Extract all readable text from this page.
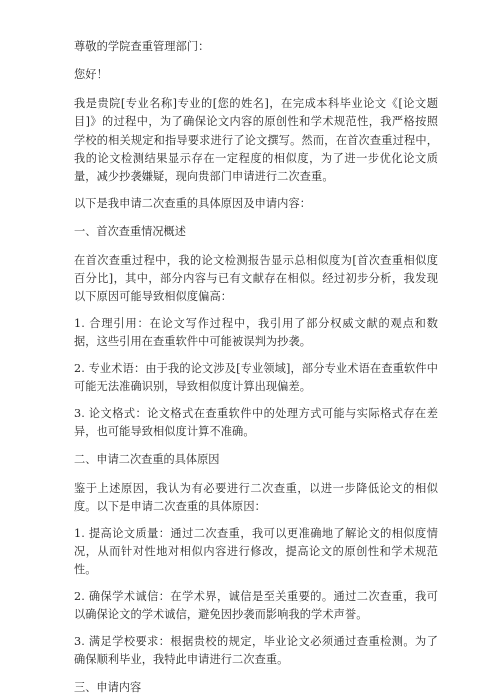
尊敬的学院查重管理部门：

您好！

我是贵院[专业名称]专业的[您的姓名]，在完成本科毕业论文《[论文题目]》的过程中，为了确保论文内容的原创性和学术规范性，我严格按照学校的相关规定和指导要求进行了论文撰写。然而，在首次查重过程中，我的论文检测结果显示存在一定程度的相似度，为了进一步优化论文质量，减少抄袭嫌疑，现向贵部门申请进行二次查重。

以下是我申请二次查重的具体原因及申请内容：

一、首次查重情况概述

在首次查重过程中，我的论文检测报告显示总相似度为[首次查重相似度百分比]，其中，部分内容与已有文献存在相似。经过初步分析，我发现以下原因可能导致相似度偏高：

1. 合理引用：在论文写作过程中，我引用了部分权威文献的观点和数据，这些引用在查重软件中可能被误判为抄袭。

2. 专业术语：由于我的论文涉及[专业领域]，部分专业术语在查重软件中可能无法准确识别，导致相似度计算出现偏差。

3. 论文格式：论文格式在查重软件中的处理方式可能与实际格式存在差异，也可能导致相似度计算不准确。

二、申请二次查重的具体原因

鉴于上述原因，我认为有必要进行二次查重，以进一步降低论文的相似度。以下是申请二次查重的具体原因：

1. 提高论文质量：通过二次查重，我可以更准确地了解论文的相似度情况，从而针对性地对相似内容进行修改，提高论文的原创性和学术规范性。

2. 确保学术诚信：在学术界，诚信是至关重要的。通过二次查重，我可以确保论文的学术诚信，避免因抄袭而影响我的学术声誉。

3. 满足学校要求：根据贵校的规定，毕业论文必须通过查重检测。为了确保顺利毕业，我特此申请进行二次查重。

三、申请内容
